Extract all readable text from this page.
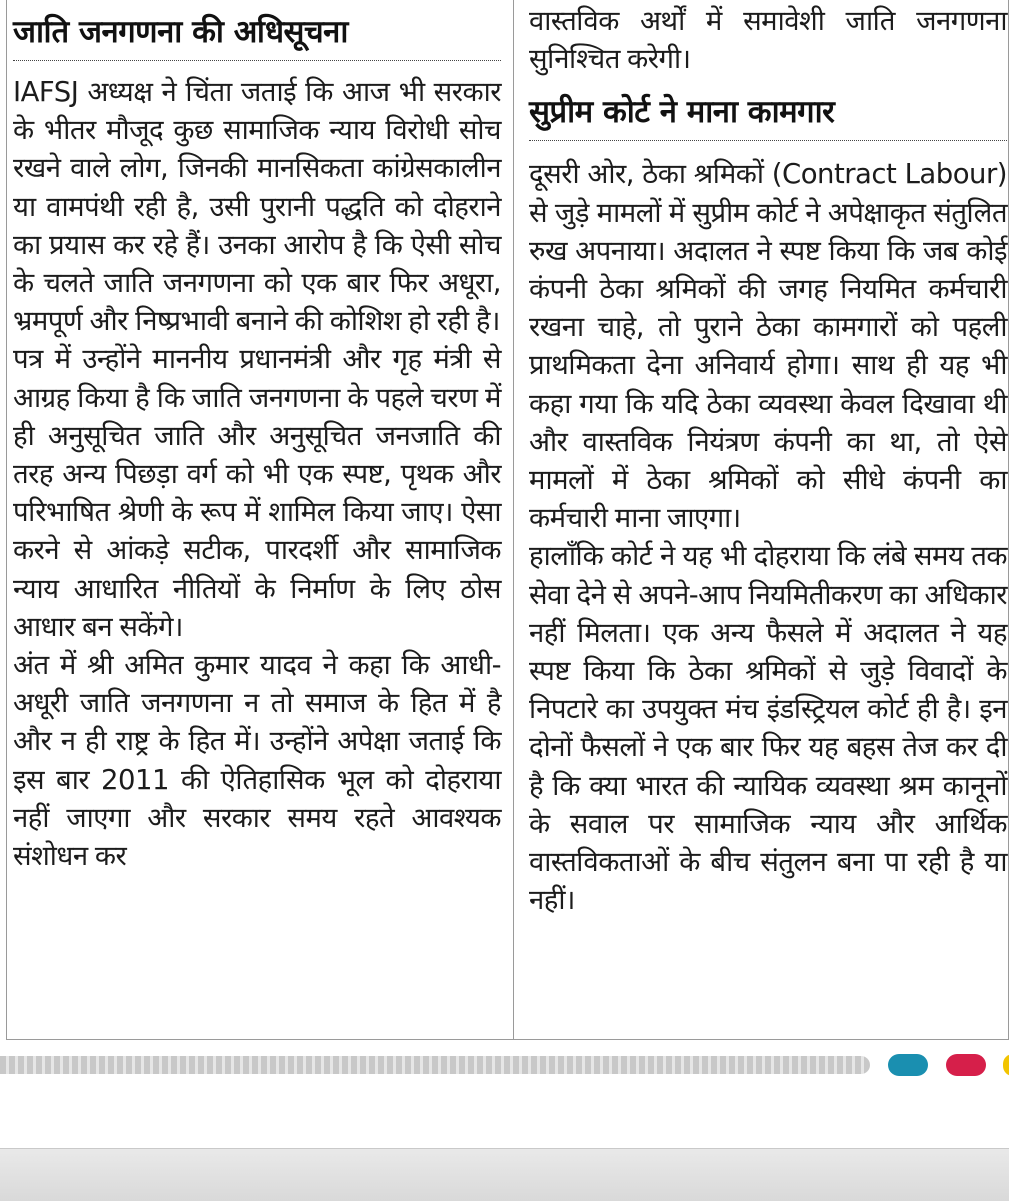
जाति जनगणना की अधिसूचना

IAFSJ अध्यक्ष ने चिंता जताई कि आज भी सरकार के भीतर मौजूद कुछ सामाजिक न्याय विरोधी सोच रखने वाले लोग, जिनकी मानसिकता कांग्रेसकालीन या वामपंथी रही है, उसी पुरानी पद्धति को दोहराने का प्रयास कर रहे हैं। उनका आरोप है कि ऐसी सोच के चलते जाति जनगणना को एक बार फिर अधूरा, भ्रमपूर्ण और निष्प्रभावी बनाने की कोशिश हो रही है।

पत्र में उन्होंने माननीय प्रधानमंत्री और गृह मंत्री से आग्रह किया है कि जाति जनगणना के पहले चरण में ही अनुसूचित जाति और अनुसूचित जनजाति की तरह अन्य पिछड़ा वर्ग को भी एक स्पष्ट, पृथक और परिभाषित श्रेणी के रूप में शामिल किया जाए। ऐसा करने से आंकड़े सटीक, पारदर्शी और सामाजिक न्याय आधारित नीतियों के निर्माण के लिए ठोस आधार बन सकेंगे।

अंत में श्री अमित कुमार यादव ने कहा कि आधी-अधूरी जाति जनगणना न तो समाज के हित में है और न ही राष्ट्र के हित में। उन्होंने अपेक्षा जताई कि इस बार 2011 की ऐतिहासिक भूल को दोहराया नहीं जाएगा और सरकार समय रहते आवश्यक संशोधन कर

वास्तविक अर्थों में समावेशी जाति जनगणना सुनिश्चित करेगी।

सुप्रीम कोर्ट ने माना कामगार

दूसरी ओर, ठेका श्रमिकों (Contract Labour) से जुड़े मामलों में सुप्रीम कोर्ट ने अपेक्षाकृत संतुलित रुख अपनाया। अदालत ने स्पष्ट किया कि जब कोई कंपनी ठेका श्रमिकों की जगह नियमित कर्मचारी रखना चाहे, तो पुराने ठेका कामगारों को पहली प्राथमिकता देना अनिवार्य होगा। साथ ही यह भी कहा गया कि यदि ठेका व्यवस्था केवल दिखावा थी और वास्तविक नियंत्रण कंपनी का था, तो ऐसे मामलों में ठेका श्रमिकों को सीधे कंपनी का कर्मचारी माना जाएगा।

हालाँकि कोर्ट ने यह भी दोहराया कि लंबे समय तक सेवा देने से अपने-आप नियमितीकरण का अधिकार नहीं मिलता। एक अन्य फैसले में अदालत ने यह स्पष्ट किया कि ठेका श्रमिकों से जुड़े विवादों के निपटारे का उपयुक्त मंच इंडस्ट्रियल कोर्ट ही है। इन दोनों फैसलों ने एक बार फिर यह बहस तेज कर दी है कि क्या भारत की न्यायिक व्यवस्था श्रम कानूनों के सवाल पर सामाजिक न्याय और आर्थिक वास्तविकताओं के बीच संतुलन बना पा रही है या नहीं।
